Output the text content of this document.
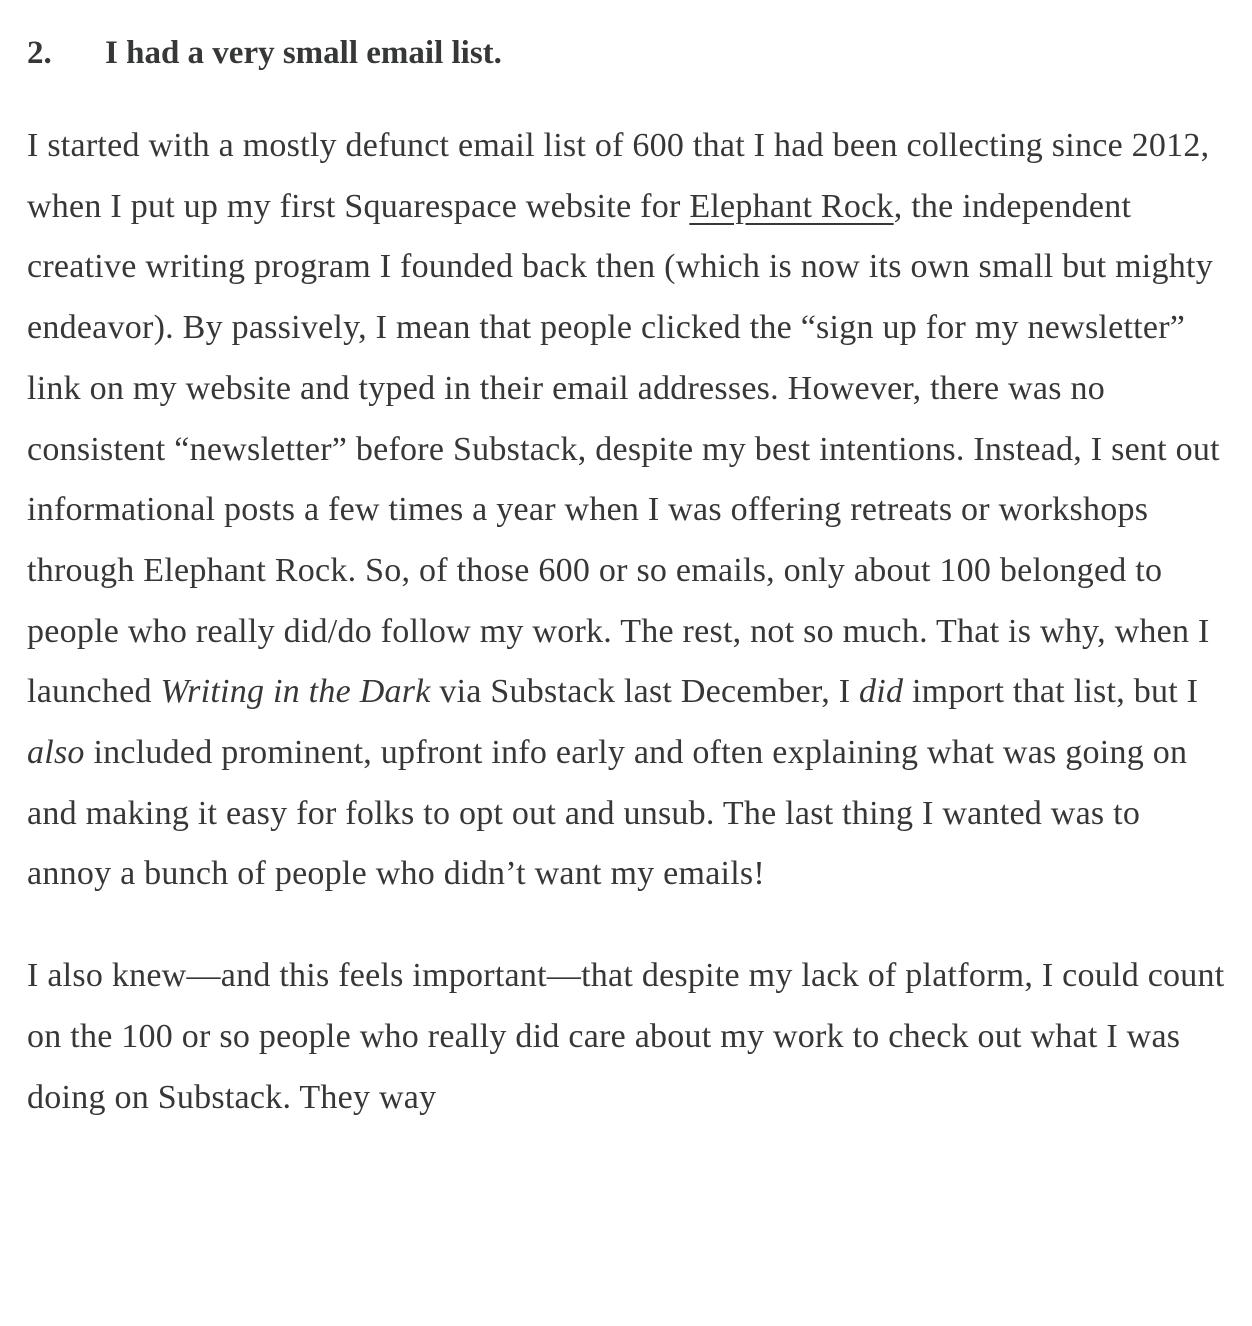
2.	I had a very small email list.

I started with a mostly defunct email list of 600 that I had been collecting since 2012, when I put up my first Squarespace website for Elephant Rock, the independent creative writing program I founded back then (which is now its own small but mighty endeavor). By passively, I mean that people clicked the “sign up for my newsletter” link on my website and typed in their email addresses. However, there was no consistent “newsletter” before Substack, despite my best intentions. Instead, I sent out informational posts a few times a year when I was offering retreats or workshops through Elephant Rock. So, of those 600 or so emails, only about 100 belonged to people who really did/do follow my work. The rest, not so much. That is why, when I launched Writing in the Dark via Substack last December, I did import that list, but I also included prominent, upfront info early and often explaining what was going on and making it easy for folks to opt out and unsub. The last thing I wanted was to annoy a bunch of people who didn’t want my emails!

I also knew—and this feels important—that despite my lack of platform, I could count on the 100 or so people who really did care about my work to check out what I was doing on Substack. They way
